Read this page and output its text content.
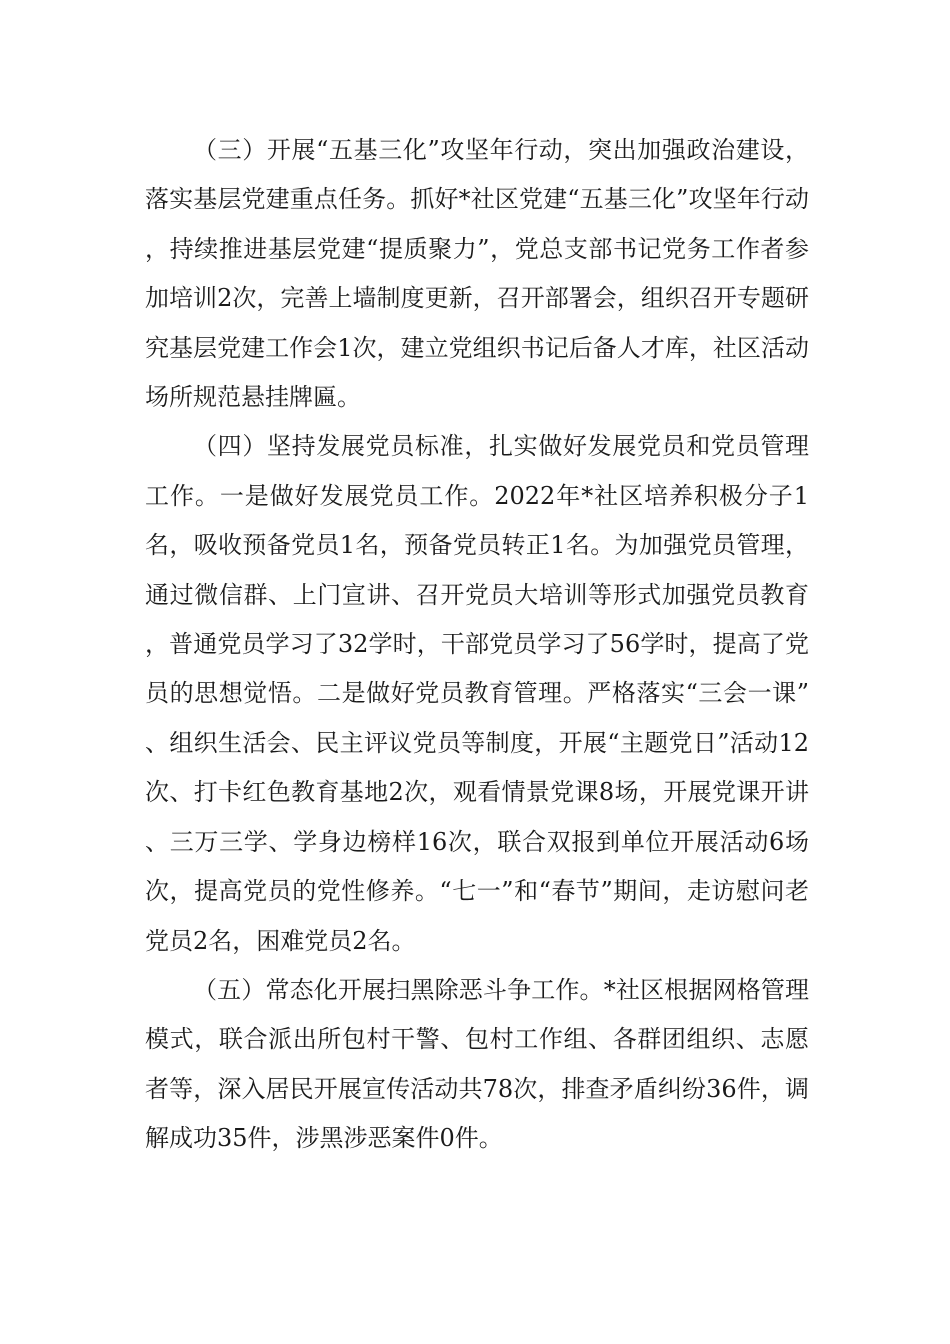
（三）开展“五基三化”攻坚年行动，突出加强政治建设，落实基层党建重点任务。抓好*社区党建“五基三化”攻坚年行动，持续推进基层党建“提质聚力”，党总支部书记党务工作者参加培训2次，完善上墙制度更新，召开部署会，组织召开专题研究基层党建工作会1次，建立党组织书记后备人才库，社区活动场所规范悬挂牌匾。

（四）坚持发展党员标准，扎实做好发展党员和党员管理工作。一是做好发展党员工作。2022年*社区培养积极分子1名，吸收预备党员1名，预备党员转正1名。为加强党员管理，通过微信群、上门宣讲、召开党员大培训等形式加强党员教育，普通党员学习了32学时，干部党员学习了56学时，提高了党员的思想觉悟。二是做好党员教育管理。严格落实“三会一课”、组织生活会、民主评议党员等制度，开展“主题党日”活动12次、打卡红色教育基地2次，观看情景党课8场，开展党课开讲、三万三学、学身边榜样16次，联合双报到单位开展活动6场次，提高党员的党性修养。“七一”和“春节”期间，走访慰问老党员2名，困难党员2名。

（五）常态化开展扫黑除恶斗争工作。*社区根据网格管理模式，联合派出所包村干警、包村工作组、各群团组织、志愿者等，深入居民开展宣传活动共78次，排查矛盾纠纷36件，调解成功35件，涉黑涉恶案件0件。
